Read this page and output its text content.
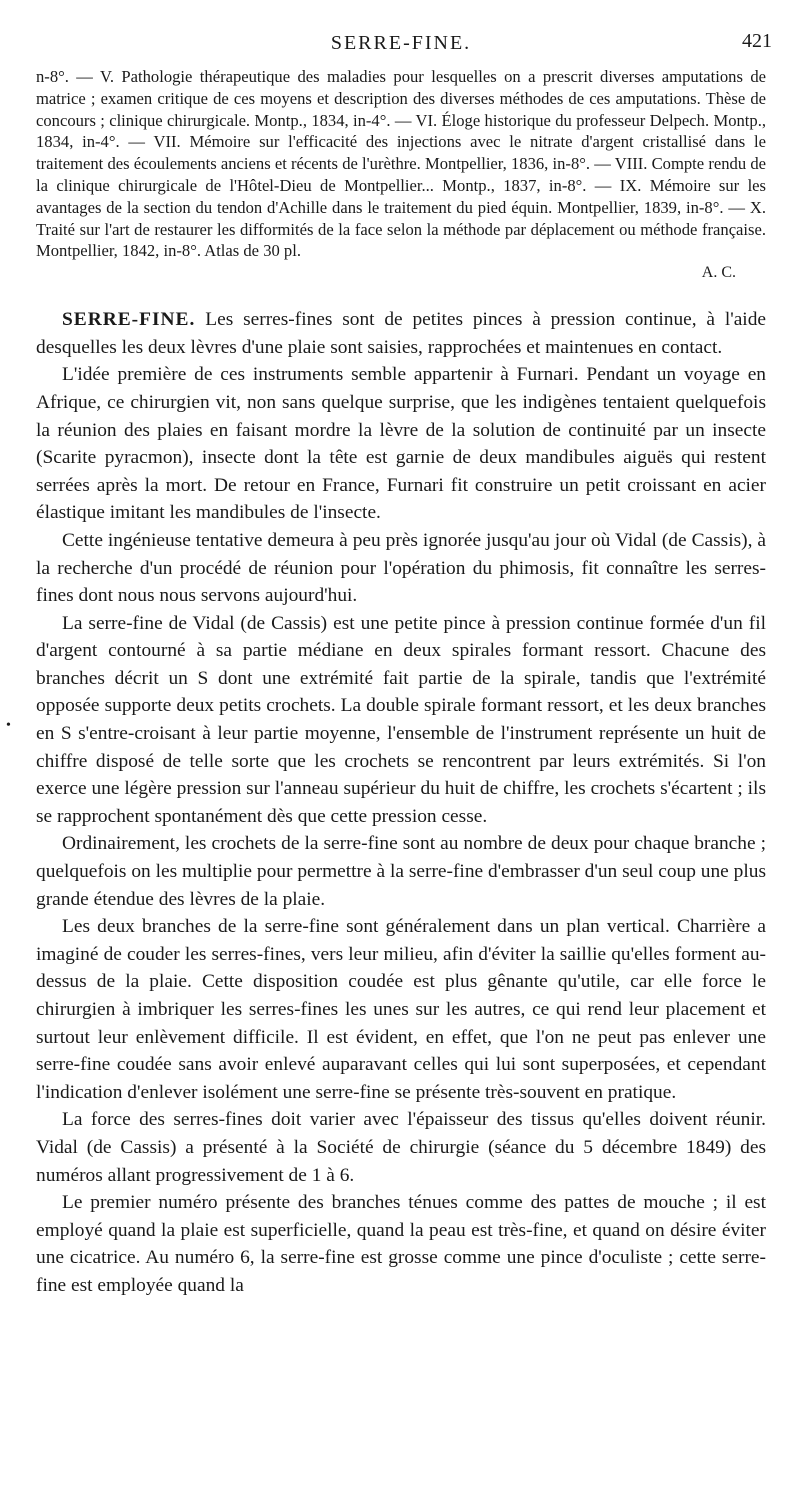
SERRE-FINE.	421

n-8°. — V. Pathologie thérapeutique des maladies pour lesquelles on a prescrit diverses amputations de matrice ; examen critique de ces moyens et description des diverses méthodes de ces amputations. Thèse de concours ; clinique chirurgicale. Montp., 1834, in-4°. — VI. Éloge historique du professeur Delpech. Montp., 1834, in-4°. — VII. Mémoire sur l'efficacité des injections avec le nitrate d'argent cristallisé dans le traitement des écoulements anciens et récents de l'urèthre. Montpellier, 1836, in-8°. — VIII. Compte rendu de la clinique chirurgicale de l'Hôtel-Dieu de Montpellier... Montp., 1837, in-8°. — IX. Mémoire sur les avantages de la section du tendon d'Achille dans le traitement du pied équin. Montpellier, 1839, in-8°. — X. Traité sur l'art de restaurer les difformités de la face selon la méthode par déplacement ou méthode française. Montpellier, 1842, in-8°. Atlas de 30 pl.

A. C.

SERRE-FINE. Les serres-fines sont de petites pinces à pression continue, à l'aide desquelles les deux lèvres d'une plaie sont saisies, rapprochées et maintenues en contact.

L'idée première de ces instruments semble appartenir à Furnari. Pendant un voyage en Afrique, ce chirurgien vit, non sans quelque surprise, que les indigènes tentaient quelquefois la réunion des plaies en faisant mordre la lèvre de la solution de continuité par un insecte (Scarite pyracmon), insecte dont la tête est garnie de deux mandibules aiguës qui restent serrées après la mort. De retour en France, Furnari fit construire un petit croissant en acier élastique imitant les mandibules de l'insecte.

Cette ingénieuse tentative demeura à peu près ignorée jusqu'au jour où Vidal (de Cassis), à la recherche d'un procédé de réunion pour l'opération du phimosis, fit connaître les serres-fines dont nous nous servons aujourd'hui.

La serre-fine de Vidal (de Cassis) est une petite pince à pression continue formée d'un fil d'argent contourné à sa partie médiane en deux spirales formant ressort. Chacune des branches décrit un S dont une extrémité fait partie de la spirale, tandis que l'extrémité opposée supporte deux petits crochets. La double spirale formant ressort, et les deux branches en S s'entre-croisant à leur partie moyenne, l'ensemble de l'instrument représente un huit de chiffre disposé de telle sorte que les crochets se rencontrent par leurs extrémités. Si l'on exerce une légère pression sur l'anneau supérieur du huit de chiffre, les crochets s'écartent ; ils se rapprochent spontanément dès que cette pression cesse.

Ordinairement, les crochets de la serre-fine sont au nombre de deux pour chaque branche ; quelquefois on les multiplie pour permettre à la serre-fine d'embrasser d'un seul coup une plus grande étendue des lèvres de la plaie.

Les deux branches de la serre-fine sont généralement dans un plan vertical. Charrière a imaginé de couder les serres-fines, vers leur milieu, afin d'éviter la saillie qu'elles forment au-dessus de la plaie. Cette disposition coudée est plus gênante qu'utile, car elle force le chirurgien à imbriquer les serres-fines les unes sur les autres, ce qui rend leur placement et surtout leur enlèvement difficile. Il est évident, en effet, que l'on ne peut pas enlever une serre-fine coudée sans avoir enlevé auparavant celles qui lui sont superposées, et cependant l'indication d'enlever isolément une serre-fine se présente très-souvent en pratique.

La force des serres-fines doit varier avec l'épaisseur des tissus qu'elles doivent réunir. Vidal (de Cassis) a présenté à la Société de chirurgie (séance du 5 décembre 1849) des numéros allant progressivement de 1 à 6.

Le premier numéro présente des branches ténues comme des pattes de mouche ; il est employé quand la plaie est superficielle, quand la peau est très-fine, et quand on désire éviter une cicatrice. Au numéro 6, la serre-fine est grosse comme une pince d'oculiste ; cette serre-fine est employée quand la

•
